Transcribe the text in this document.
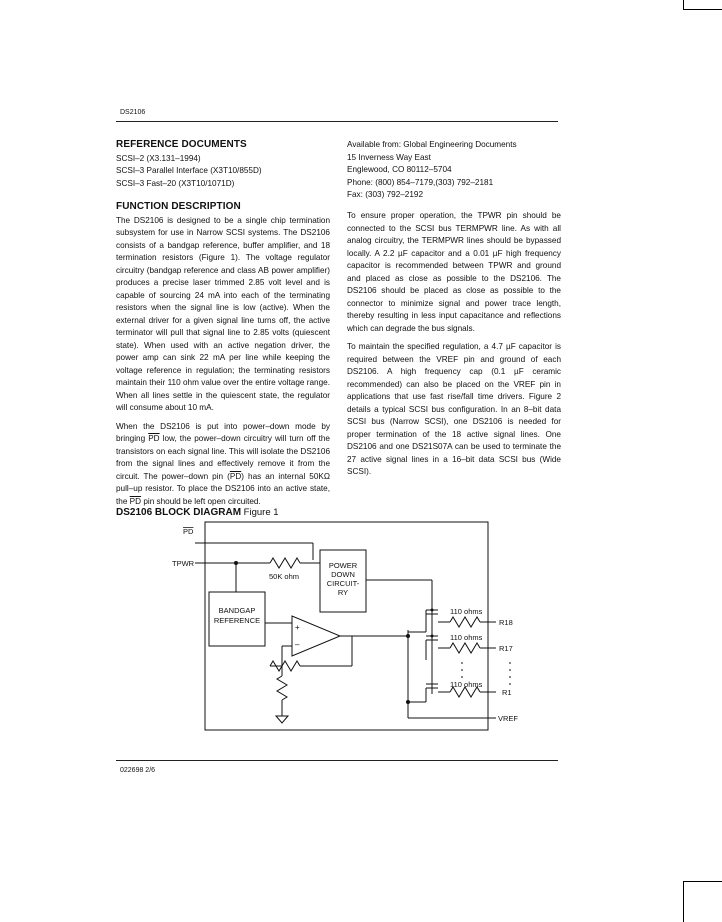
DS2106
REFERENCE DOCUMENTS
SCSI–2 (X3.131–1994)
SCSI–3 Parallel Interface (X3T10/855D)
SCSI–3 Fast–20 (X3T10/1071D)
FUNCTION DESCRIPTION

The DS2106 is designed to be a single chip termination subsystem for use in Narrow SCSI systems. The DS2106 consists of a bandgap reference, buffer amplifier, and 18 termination resistors (Figure 1). The voltage regulator circuitry (bandgap reference and class AB power amplifier) produces a precise laser trimmed 2.85 volt level and is capable of sourcing 24 mA into each of the terminating resistors when the signal line is low (active). When the external driver for a given signal line turns off, the active terminator will pull that signal line to 2.85 volts (quiescent state). When used with an active negation driver, the power amp can sink 22 mA per line while keeping the voltage reference in regulation; the terminating resistors maintain their 110 ohm value over the entire voltage range. When all lines settle in the quiescent state, the regulator will consume about 10 mA.

When the DS2106 is put into power–down mode by bringing $\overline{PD}$ low, the power–down circuitry will turn off the transistors on each signal line. This will isolate the DS2106 from the signal lines and effectively remove it from the circuit. The power–down pin $(\overline{PD})$ has an internal 50KΩ pull–up resistor. To place the DS2106 into an active state, the $\overline{PD}$ pin should be left open circuited.

Available from: Global Engineering Documents
15 Inverness Way East
Englewood, CO 80112–5704
Phone: (800) 854–7179,(303) 792–2181
Fax: (303) 792–2192

To ensure proper operation, the TPWR pin should be connected to the SCSI bus TERMPWR line. As with all analog circuitry, the TERMPWR lines should be bypassed locally. A 2.2 µF capacitor and a 0.01 µF high frequency capacitor is recommended between TPWR and ground and placed as close as possible to the DS2106. The DS2106 should be placed as close as possible to the connector to minimize signal and power trace length, thereby resulting in less input capacitance and reflections which can degrade the bus signals.

To maintain the specified regulation, a 4.7 µF capacitor is required between the VREF pin and ground of each DS2106. A high frequency cap (0.1 µF ceramic recommended) can also be placed on the VREF pin in applications that use fast rise/fall time drivers. Figure 2 details a typical SCSI bus configuration. In an 8–bit data SCSI bus (Narrow SCSI), one DS2106 is needed for proper termination of the 18 active signal lines. One DS2106 and one DS21S07A can be used to terminate the 27 active signal lines in a 16–bit data SCSI bus (Wide SCSI).

DS2106 BLOCK DIAGRAM Figure 1
PD
TPWR
50K ohm
POWER
DOWN
CIRCUIT-
RY
BANDGAP
REFERENCE
+
–
110 ohms
110 ohms
110 ohms
R18
R17
R1
VREF
022698 2/6
